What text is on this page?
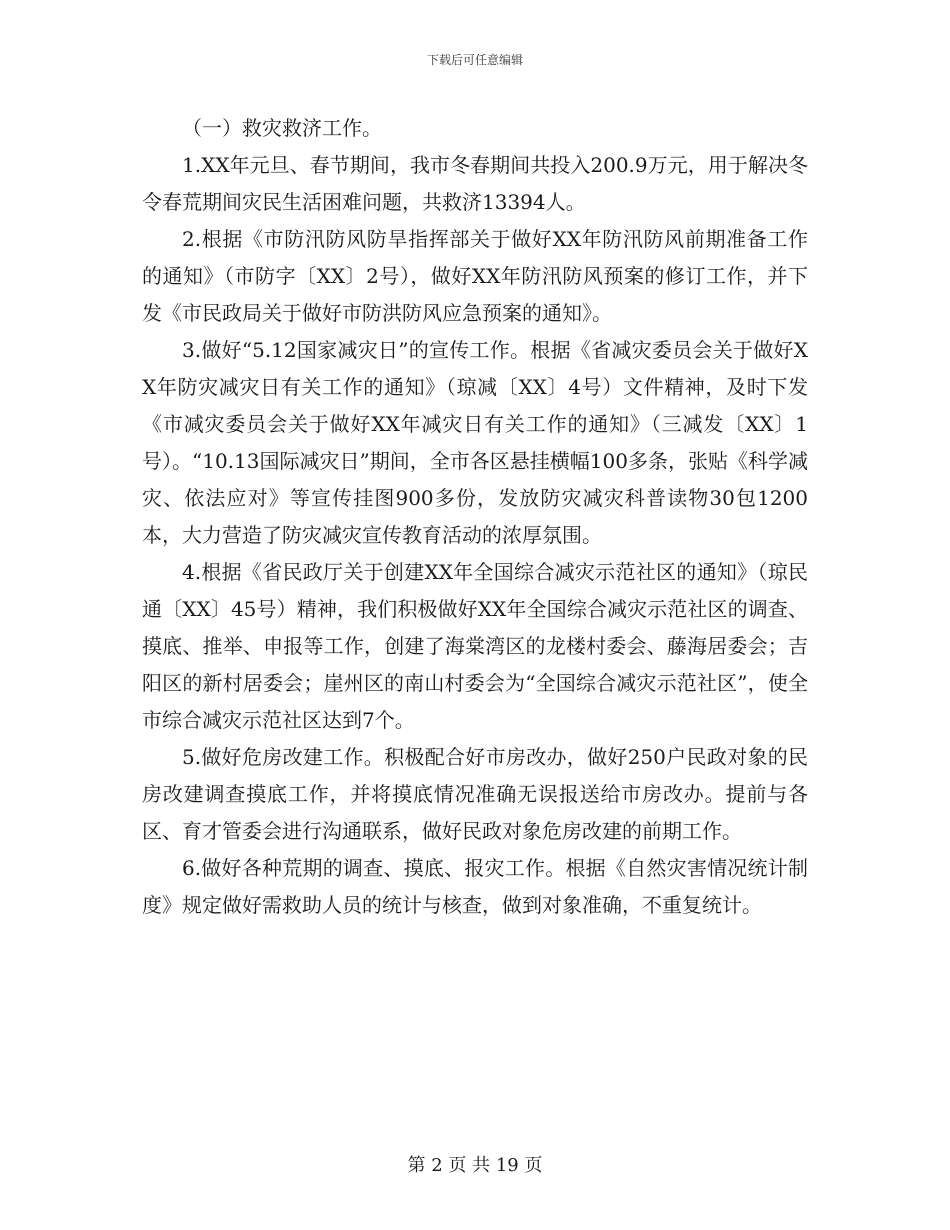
下载后可任意编辑

（一）救灾救济工作。

1.XX年元旦、春节期间，我市冬春期间共投入200.9万元，用于解决冬令春荒期间灾民生活困难问题，共救济13394人。

2.根据《市防汛防风防旱指挥部关于做好XX年防汛防风前期准备工作的通知》（市防字〔XX〕2号），做好XX年防汛防风预案的修订工作，并下发《市民政局关于做好市防洪防风应急预案的通知》。

3.做好“5.12国家减灾日”的宣传工作。根据《省减灾委员会关于做好XX年防灾减灾日有关工作的通知》（琼减〔XX〕4号）文件精神，及时下发《市减灾委员会关于做好XX年减灾日有关工作的通知》（三减发〔XX〕1号）。“10.13国际减灾日”期间，全市各区悬挂横幅100多条，张贴《科学减灾、依法应对》等宣传挂图900多份，发放防灾减灾科普读物30包1200本，大力营造了防灾减灾宣传教育活动的浓厚氛围。

4.根据《省民政厅关于创建XX年全国综合减灾示范社区的通知》（琼民通〔XX〕45号）精神，我们积极做好XX年全国综合减灾示范社区的调查、摸底、推举、申报等工作，创建了海棠湾区的龙楼村委会、藤海居委会；吉阳区的新村居委会；崖州区的南山村委会为“全国综合减灾示范社区”，使全市综合减灾示范社区达到7个。

5.做好危房改建工作。积极配合好市房改办，做好250户民政对象的民房改建调查摸底工作，并将摸底情况准确无误报送给市房改办。提前与各区、育才管委会进行沟通联系，做好民政对象危房改建的前期工作。

6.做好各种荒期的调查、摸底、报灾工作。根据《自然灾害情况统计制度》规定做好需救助人员的统计与核查，做到对象准确，不重复统计。

第 2 页 共 19 页
